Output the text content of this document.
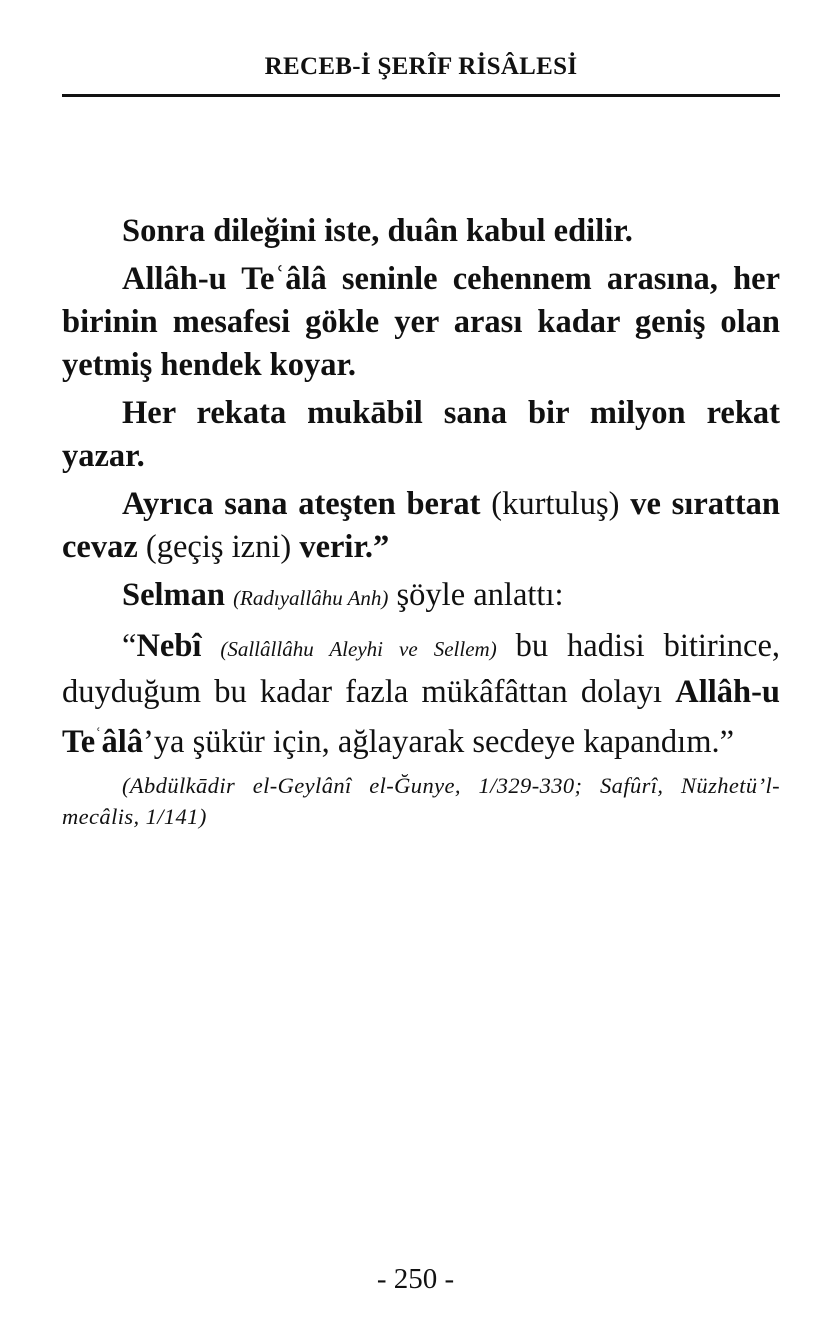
RECEB-İ ŞERÎF RİSÂLESİ

Sonra dileğini iste, duân kabul edilir.

Allâh-u Teʿâlâ seninle cehennem arasına, her birinin mesafesi gökle yer arası kadar geniş olan yetmiş hendek koyar.

Her rekata mukābil sana bir milyon rekat yazar.

Ayrıca sana ateşten berat (kurtuluş) ve sırattan cevaz (geçiş izni) verir.”

Selman (Radıyallâhu Anh) şöyle anlattı:

“Nebî (Sallâllâhu Aleyhi ve Sellem) bu hadisi bitirince, duyduğum bu kadar fazla mükâfâttan dolayı Allâh-u $Te^ʿâlâ’ya$ şükür için, ağlayarak secdeye kapandım.”

(Abdülkādir el-Geylânî el-Ğunye, 1/329-330; Safûrî, Nüzhetü’l-mecâlis, 1/141)
- 250 -
